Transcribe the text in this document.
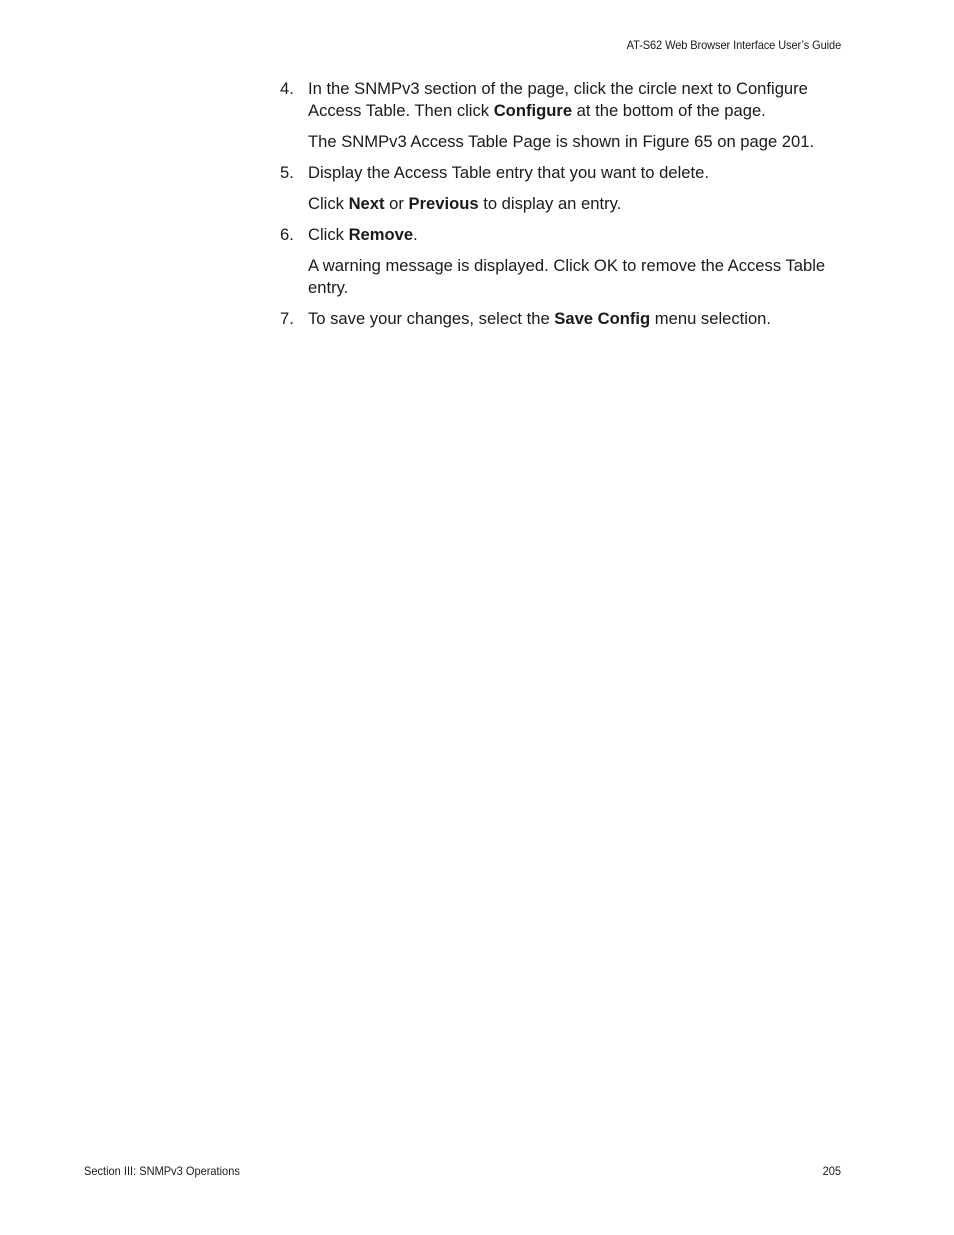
AT-S62 Web Browser Interface User’s Guide
4. In the SNMPv3 section of the page, click the circle next to Configure Access Table. Then click Configure at the bottom of the page.
The SNMPv3 Access Table Page is shown in Figure 65 on page 201.
5. Display the Access Table entry that you want to delete.
Click Next or Previous to display an entry.
6. Click Remove.
A warning message is displayed. Click OK to remove the Access Table entry.
7. To save your changes, select the Save Config menu selection.
Section III: SNMPv3 Operations	205
